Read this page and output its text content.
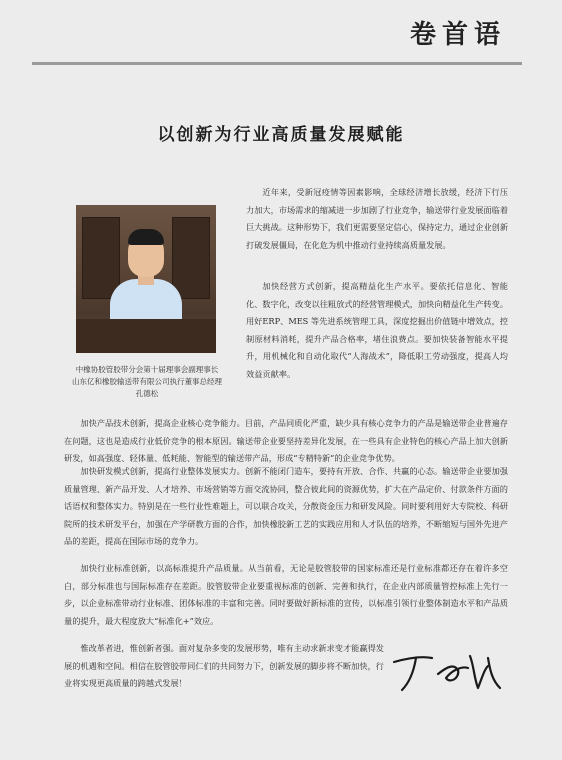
卷首语
以创新为行业高质量发展赋能
中橡协胶管胶带分会第十届理事会副理事长
山东亿和橡胶输送带有限公司执行董事总经理
孔德松

近年来，受新冠疫情等因素影响，全球经济增长放缓，经济下行压力加大，市场需求的缩减进一步加剧了行业竞争，输送带行业发展面临着巨大挑战。这种形势下，我们更需要坚定信心，保持定力，通过企业创新打破发展僵局，在化危为机中推动行业持续高质量发展。

加快经营方式创新，提高精益化生产水平。要依托信息化、智能化、数字化，改变以往粗放式的经营管理模式，加快向精益化生产转变。用好ERP、MES 等先进系统管理工具，深度挖掘出价值链中增效点，控制原材料消耗，提升产品合格率，堵住浪费点。要加快装备智能水平提升，用机械化和自动化取代“人海战术”，降低职工劳动强度，提高人均效益贡献率。

加快产品技术创新，提高企业核心竞争能力。目前，产品同质化严重，缺少具有核心竞争力的产品是输送带企业普遍存在问题，这也是造成行业低价竞争的根本原因。输送带企业要坚持差异化发展，在一些具有企业特色的核心产品上加大创新研发，如高强度、轻体量、低耗能、智能型的输送带产品，形成“专精特新”的企业竞争优势。

加快研发模式创新，提高行业整体发展实力。创新不能闭门造车，要持有开放、合作、共赢的心态。输送带企业要加强质量管理、新产品开发、人才培养、市场营销等方面交流协同，整合彼此间的资源优势，扩大在产品定价、付款条件方面的话语权和整体实力。特别是在一些行业性难题上，可以联合攻关，分散资金压力和研发风险。同时要利用好大专院校、科研院所的技术研发平台，加强在产学研教方面的合作，加快橡胶新工艺的实践应用和人才队伍的培养，不断缩短与国外先进产品的差距，提高在国际市场的竞争力。

加快行业标准创新，以高标准提升产品质量。从当前看，无论是胶管胶带的国家标准还是行业标准都还存在着许多空白，部分标准也与国际标准存在差距。胶管胶带企业要重视标准的创新、完善和执行，在企业内部质量管控标准上先行一步，以企业标准带动行业标准、团体标准的丰富和完善。同时要做好新标准的宣传，以标准引领行业整体制造水平和产品质量的提升，最大程度放大“标准化+”效应。

惟改革者进，惟创新者强。面对复杂多变的发展形势，唯有主动求新求变才能赢得发展的机遇和空间。相信在胶管胶带同仁们的共同努力下，创新发展的脚步将不断加快，行业将实现更高质量的跨越式发展！
